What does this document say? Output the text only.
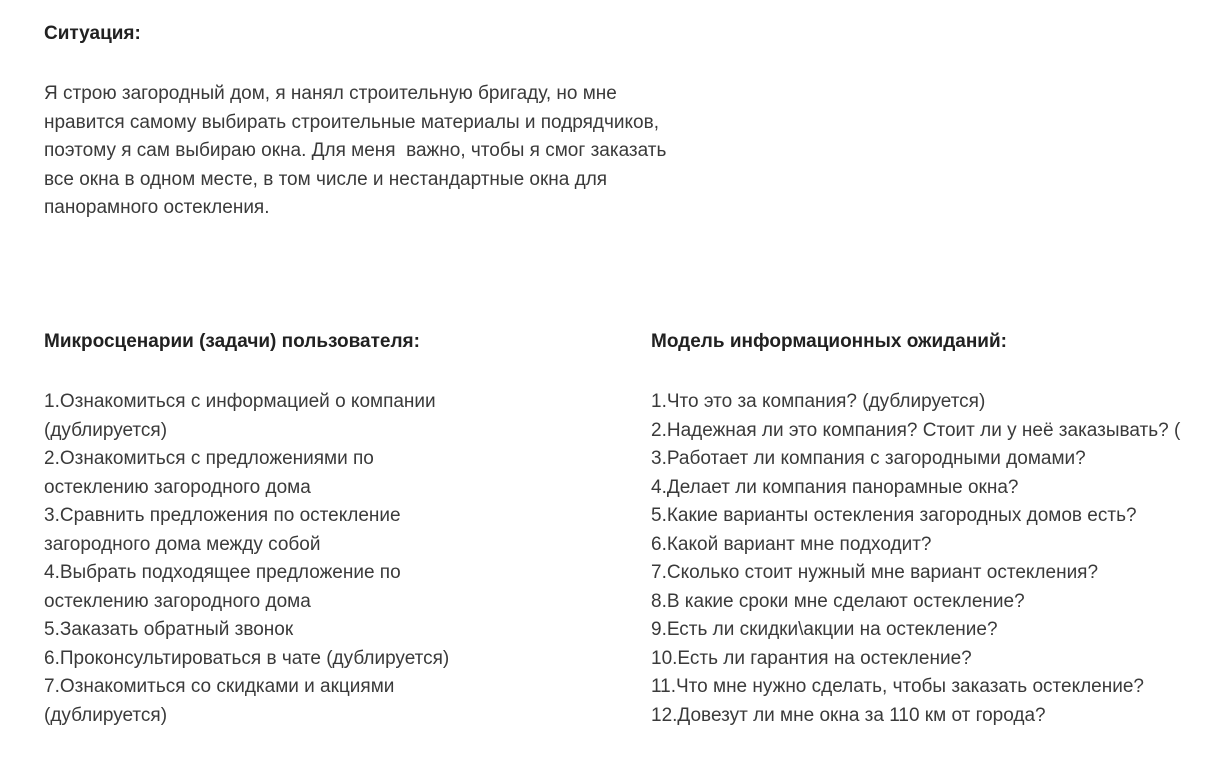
Ситуация:
Я строю загородный дом, я нанял строительную бригаду, но мне
нравится самому выбирать строительные материалы и подрядчиков,
поэтому я сам выбираю окна. Для меня  важно, чтобы я смог заказать
все окна в одном месте, в том числе и нестандартные окна для
панорамного остекления.
Микросценарии (задачи) пользователя:
1.Ознакомиться с информацией о компании
(дублируется)
2.Ознакомиться с предложениями по
остеклению загородного дома
3.Сравнить предложения по остекление
загородного дома между собой
4.Выбрать подходящее предложение по
остеклению загородного дома
5.Заказать обратный звонок
6.Проконсультироваться в чате (дублируется)
7.Ознакомиться со скидками и акциями
(дублируется)
Модель информационных ожиданий:
1.Что это за компания? (дублируется)
2.Надежная ли это компания? Стоит ли у неё заказывать? (
3.Работает ли компания с загородными домами?
4.Делает ли компания панорамные окна?
5.Какие варианты остекления загородных домов есть?
6.Какой вариант мне подходит?
7.Сколько стоит нужный мне вариант остекления?
8.В какие сроки мне сделают остекление?
9.Есть ли скидки\акции на остекление?
10.Есть ли гарантия на остекление?
11.Что мне нужно сделать, чтобы заказать остекление?
12.Довезут ли мне окна за 110 км от города?
